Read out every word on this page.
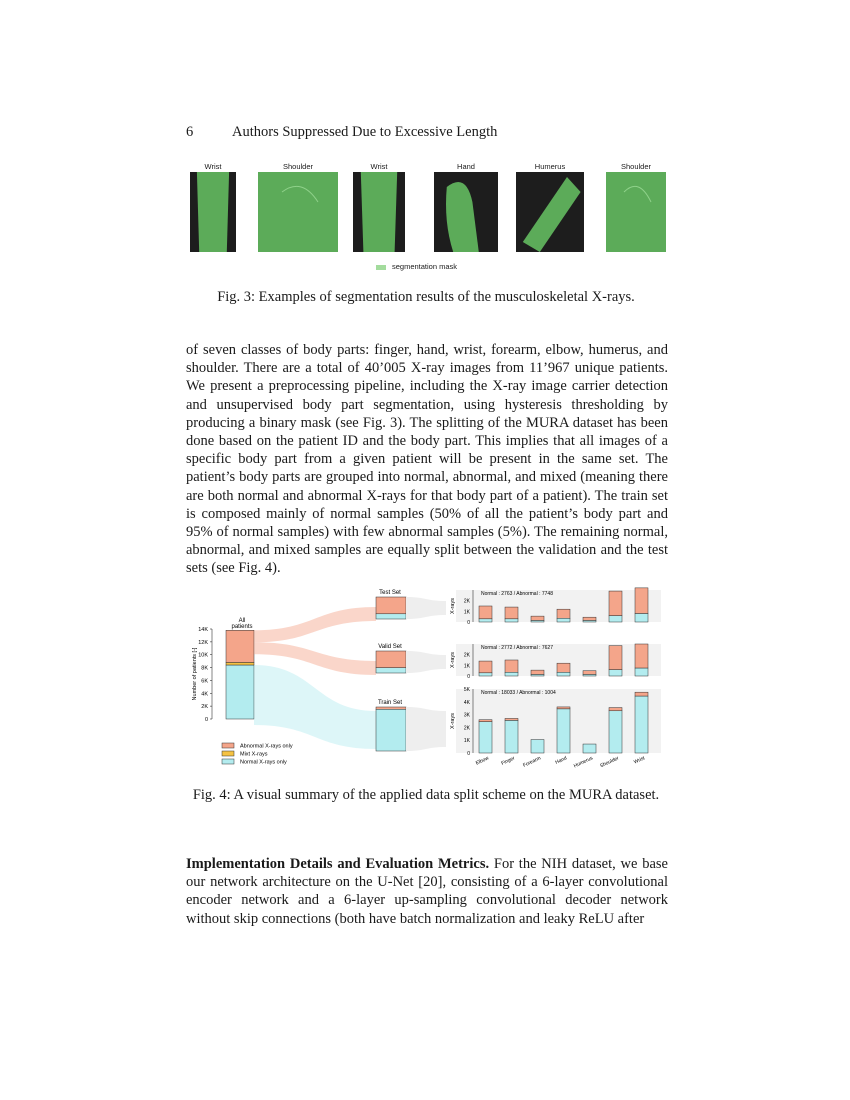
6	Authors Suppressed Due to Excessive Length
Wrist	Shoulder	Wrist	Hand	Humerus	Shoulder
segmentation mask
Fig. 3: Examples of segmentation results of the musculoskeletal X-rays.

of seven classes of body parts: finger, hand, wrist, forearm, elbow, humerus, and shoulder. There are a total of 40’005 X-ray images from 11’967 unique patients. We present a preprocessing pipeline, including the X-ray image carrier detection and unsupervised body part segmentation, using hysteresis thresholding by producing a binary mask (see Fig. 3). The splitting of the MURA dataset has been done based on the patient ID and the body part. This implies that all images of a specific body part from a given patient will be present in the same set. The patient’s body parts are grouped into normal, abnormal, and mixed (meaning there are both normal and abnormal X-rays for that body part of a patient). The train set is composed mainly of normal samples (50% of all the patient’s body part and 95% of normal samples) with few abnormal samples (5%). The remaining normal, abnormal, and mixed samples are equally split between the validation and the test sets (see Fig. 4).

0
2K
4K
6K
8K
10K
12K
14K
Number of patients [-]
All
patients
Test Set
Valid Set
Train Set
Normal : 2763 / Abnormal : 7748
X-rays
0
1K
2K
Normal : 2772 / Abnormal : 7627
X-rays
0
1K
2K
Normal : 18033 / Abnormal : 1004
X-rays
0
1K
2K
3K
4K
5K
Elbow Finger Forearm	Hand Humerus Shoulder	Wrist
Abnormal X-rays only
Mixt X-rays
Normal X-rays only
Fig. 4: A visual summary of the applied data split scheme on the MURA dataset.

Implementation Details and Evaluation Metrics. For the NIH dataset, we base our network architecture on the U-Net [20], consisting of a 6-layer convolutional encoder network and a 6-layer up-sampling convolutional decoder network without skip connections (both have batch normalization and leaky ReLU after
